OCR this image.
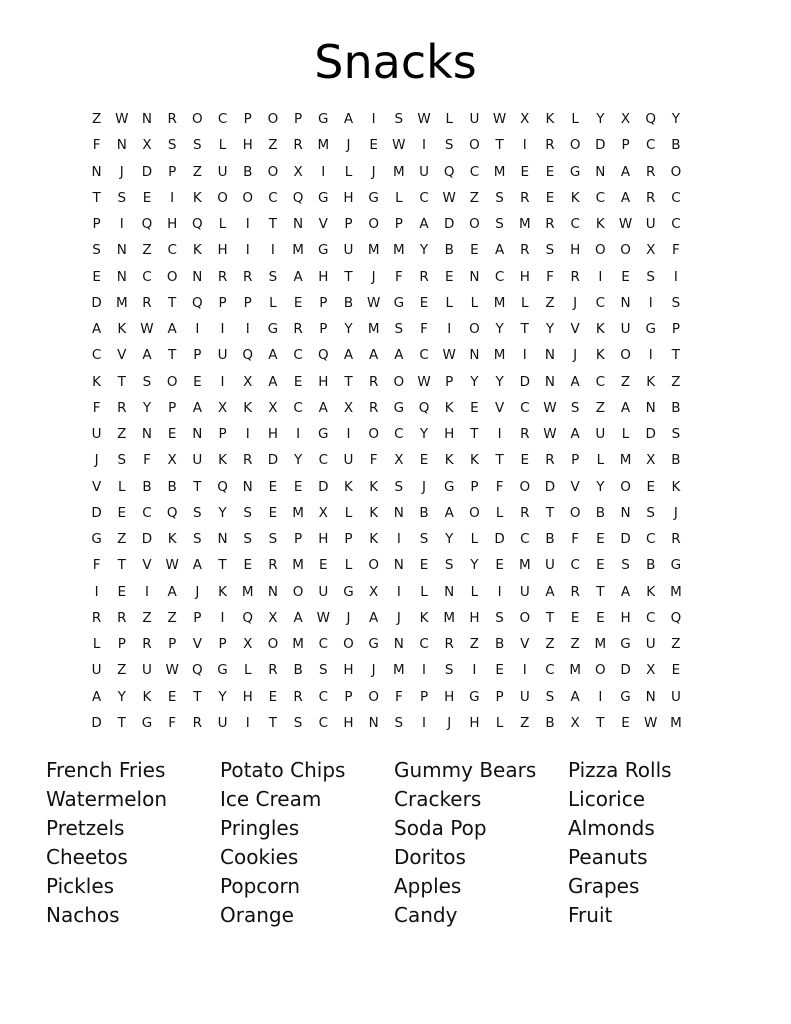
Snacks
Z	W N	R	O	C	P	O	P	G	A	I	S	W	L	U	W	X	K	L	Y	X	Q	Y
F	N	X	S	S	L	H	Z	R	M	J	E	W	I	S	O	T	I	R	O	D	P	C	B
N	J	D	P	Z	U	B	O	X	I	L	J	M	U	Q	C	M	E	E	G	N	A	R	O
T	S	E	I	K	O	O	C	Q	G	H	G	L	C	W	Z	S	R	E	K	C	A	R	C
P	I	Q	H	Q	L	I	T	N	V	P	O	P	A	D	O	S	M	R	C	K	W	U	C
S	N	Z	C	K	H	I	I	M	G	U	M	M	Y	B	E	A	R	S	H	O	O	X	F
E	N	C	O	N	R	R	S	A	H	T	J	F	R	E	N	C	H	F	R	I	E	S	I
D	M	R	T	Q	P	P	L	E	P	B	W G	E	L	L	M	L	Z	J	C	N	I	S
A	K	W	A	I	I	I	G	R	P	Y	M	S	F	I	O	Y	T	Y	V	K	U	G	P
C	V	A	T	P	U	Q	A	C	Q	A	A	A	C	W N	M	I	N	J	K	O	I	T
K	T	S	O	E	I	X	A	E	H	T	R	O W	P	Y	Y	D	N	A	C	Z	K	Z
F	R	Y	P	A	X	K	X	C	A	X	R	G	Q	K	E	V	C	W	S	Z	A	N	B
U	Z	N	E	N	P	I	H	I	G	I	O	C	Y	H	T	I	R	W	A	U	L	D	S
J	S	F	X	U	K	R	D	Y	C	U	F	X	E	K	K	T	E	R	P	L	M	X	B
V	L	B	B	T	Q	N	E	E	D	K	K	S	J	G	P	F	O	D	V	Y	O	E	K
D	E	C	Q	S	Y	S	E	M	X	L	K	N	B	A	O	L	R	T	O	B	N	S	J
G	Z	D	K	S	N	S	S	P	H	P	K	I	S	Y	L	D	C	B	F	E	D	C	R
F	T	V	W	A	T	E	R	M	E	L	O	N	E	S	Y	E	M	U	C	E	S	B	G
I	E	I	A	J	K	M	N	O	U	G	X	I	L	N	L	I	U	A	R	T	A	K	M
R	R	Z	Z	P	I	Q	X	A	W	J	A	J	K	M	H	S	O	T	E	E	H	C	Q
L	P	R	P	V	P	X	O	M	C	O	G	N	C	R	Z	B	V	Z	Z	M	G	U	Z
U	Z	U	W Q	G	L	R	B	S	H	J	M	I	S	I	E	I	C	M	O	D	X	E
A	Y	K	E	T	Y	H	E	R	C	P	O	F	P	H	G	P	U	S	A	I	G	N	U
D	T	G	F	R	U	I	T	S	C	H	N	S	I	J	H	L	Z	B	X	T	E	W M
French Fries
Watermelon
Pretzels
Cheetos
Pickles
Nachos
Potato Chips
Ice Cream
Pringles
Cookies
Popcorn
Orange
Gummy Bears
Crackers
Soda Pop
Doritos
Apples
Candy
Pizza Rolls
Licorice
Almonds
Peanuts
Grapes
Fruit
